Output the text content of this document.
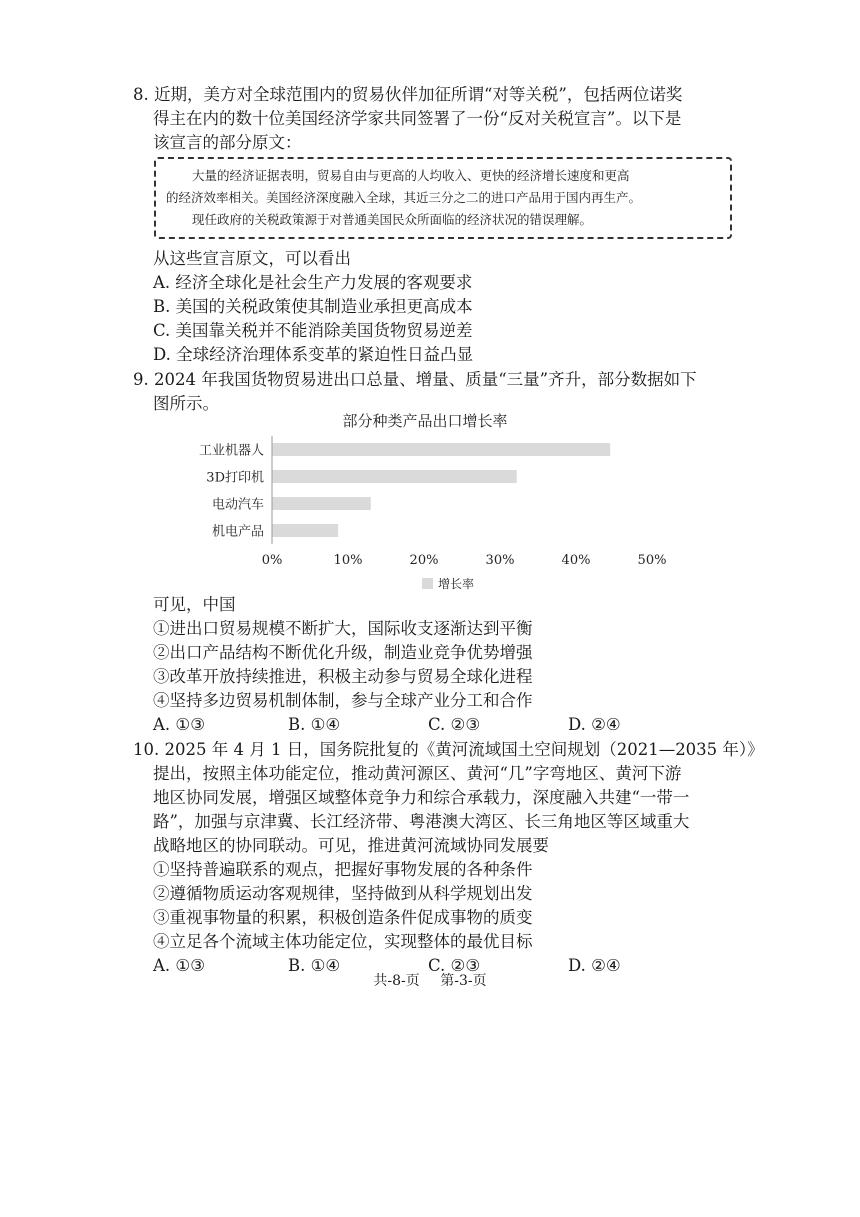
8. 近期，美方对全球范围内的贸易伙伴加征所谓“对等关税”，包括两位诺奖
得主在内的数十位美国经济学家共同签署了一份“反对关税宣言”。以下是
该宣言的部分原文：
大量的经济证据表明，贸易自由与更高的人均收入、更快的经济增长速度和更高
的经济效率相关。美国经济深度融入全球，其近三分之二的进口产品用于国内再生产。
现任政府的关税政策源于对普通美国民众所面临的经济状况的错误理解。
从这些宣言原文，可以看出
A. 经济全球化是社会生产力发展的客观要求
B. 美国的关税政策使其制造业承担更高成本
C. 美国靠关税并不能消除美国货物贸易逆差
D. 全球经济治理体系变革的紧迫性日益凸显
9. 2024 年我国货物贸易进出口总量、增量、质量“三量”齐升，部分数据如下
图所示。
部分种类产品出口增长率
工业机器人
3D打印机
电动汽车
机电产品
0%	10%	20%	30%	40%	50%
增长率
可见，中国
①进出口贸易规模不断扩大，国际收支逐渐达到平衡
②出口产品结构不断优化升级，制造业竞争优势增强
③改革开放持续推进，积极主动参与贸易全球化进程
④坚持多边贸易机制体制，参与全球产业分工和合作
A. ①③	B. ①④	C. ②③	D. ②④
10. 2025 年 4 月 1 日，国务院批复的《黄河流域国土空间规划（2021—2035 年）》
提出，按照主体功能定位，推动黄河源区、黄河“几”字弯地区、黄河下游
地区协同发展，增强区域整体竞争力和综合承载力，深度融入共建“一带一
路”，加强与京津冀、长江经济带、粤港澳大湾区、长三角地区等区域重大
战略地区的协同联动。可见，推进黄河流域协同发展要
①坚持普遍联系的观点，把握好事物发展的各种条件
②遵循物质运动客观规律，坚持做到从科学规划出发
③重视事物量的积累，积极创造条件促成事物的质变
④立足各个流域主体功能定位，实现整体的最优目标
A. ①③	B. ①④	C. ②③	D. ②④
共-8-页 第-3-页
